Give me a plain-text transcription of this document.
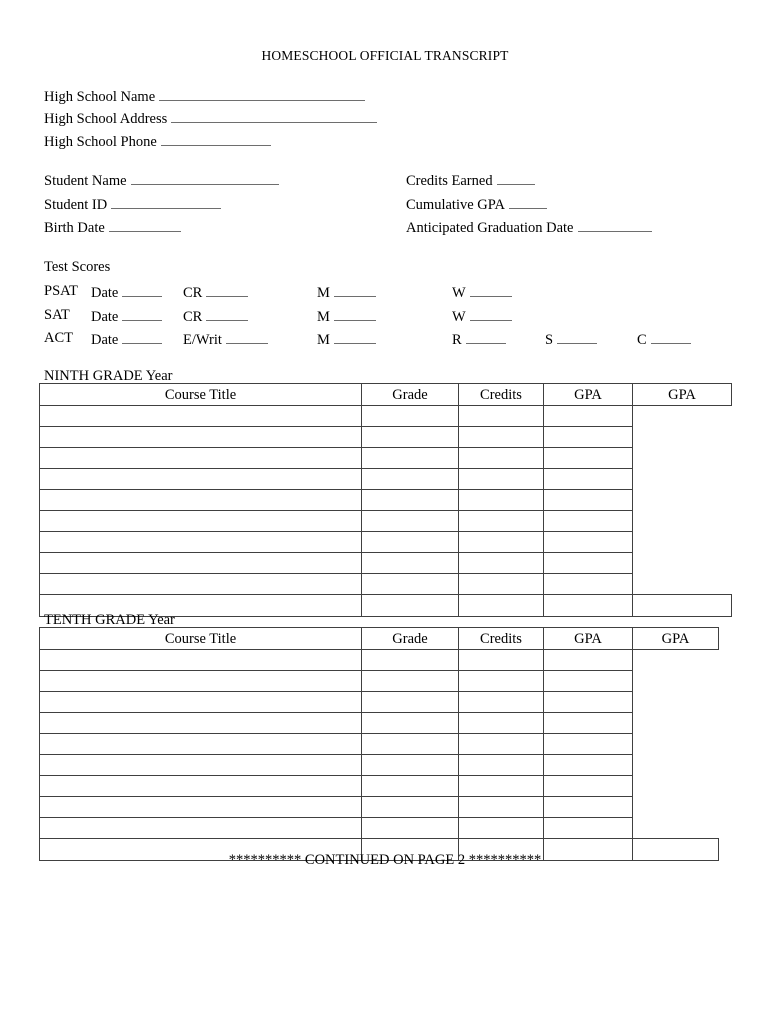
HOMESCHOOL OFFICIAL TRANSCRIPT
High School Name
High School Address
High School Phone
Student Name
Student ID
Birth Date
Credits Earned
Cumulative GPA
Anticipated Graduation Date
Test Scores
PSAT Date	CR	M	W
SAT Date	CR	M	W
ACT Date	E/Writ	M	R	S	C
NINTH GRADE Year
Course Title	Grade	Credits	GPA	GPA

TENTH GRADE Year
Course Title	Grade	Credits	GPA	GPA

********** CONTINUED ON PAGE 2 **********
